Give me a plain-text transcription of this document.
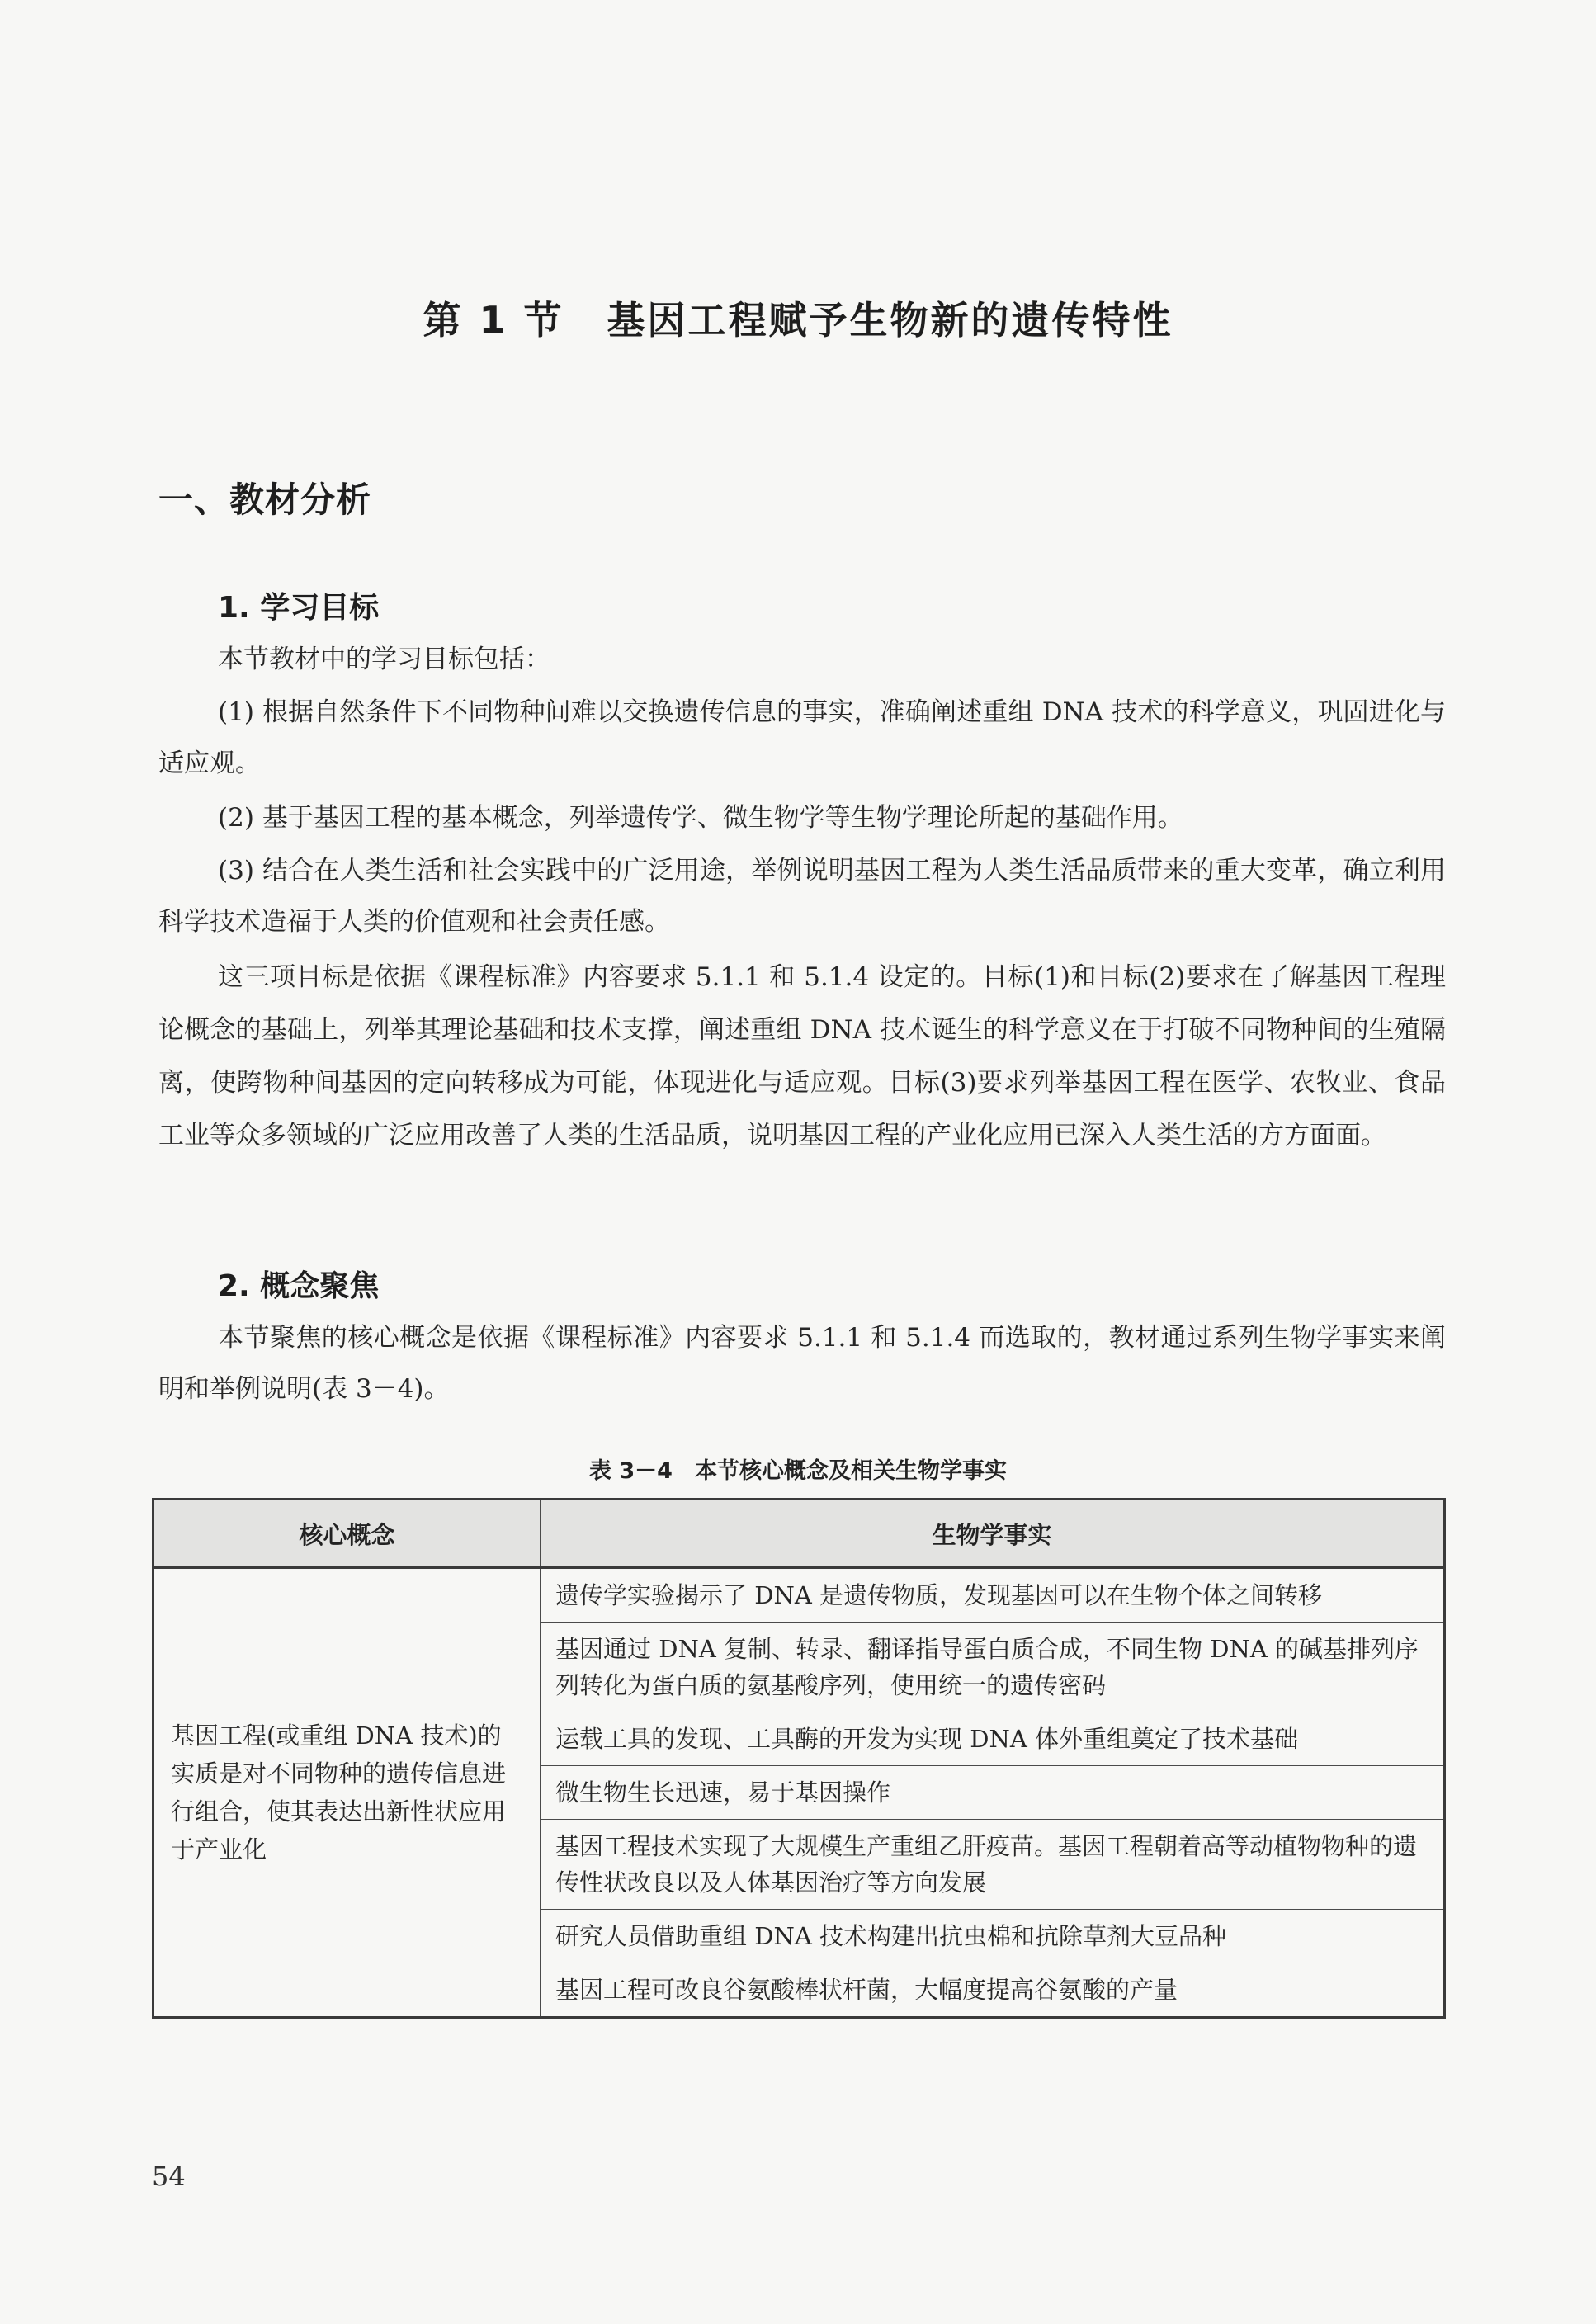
第 1 节 基因工程赋予生物新的遗传特性
一、教材分析
1. 学习目标
本节教材中的学习目标包括：
(1) 根据自然条件下不同物种间难以交换遗传信息的事实，准确阐述重组 DNA 技术的科学意义，巩固进化与适应观。
(2) 基于基因工程的基本概念，列举遗传学、微生物学等生物学理论所起的基础作用。
(3) 结合在人类生活和社会实践中的广泛用途，举例说明基因工程为人类生活品质带来的重大变革，确立利用科学技术造福于人类的价值观和社会责任感。
这三项目标是依据《课程标准》内容要求 5.1.1 和 5.1.4 设定的。目标(1)和目标(2)要求在了解基因工程理论概念的基础上，列举其理论基础和技术支撑，阐述重组 DNA 技术诞生的科学意义在于打破不同物种间的生殖隔离，使跨物种间基因的定向转移成为可能，体现进化与适应观。目标(3)要求列举基因工程在医学、农牧业、食品工业等众多领域的广泛应用改善了人类的生活品质，说明基因工程的产业化应用已深入人类生活的方方面面。
2. 概念聚焦
本节聚焦的核心概念是依据《课程标准》内容要求 5.1.1 和 5.1.4 而选取的，教材通过系列生物学事实来阐明和举例说明(表 3－4)。
表 3－4　本节核心概念及相关生物学事实
核心概念	生物学事实
基因工程(或重组 DNA 技术)的实质是对不同物种的遗传信息进行组合，使其表达出新性状应用于产业化	遗传学实验揭示了 DNA 是遗传物质，发现基因可以在生物个体之间转移
	基因通过 DNA 复制、转录、翻译指导蛋白质合成，不同生物 DNA 的碱基排列序列转化为蛋白质的氨基酸序列，使用统一的遗传密码
	运载工具的发现、工具酶的开发为实现 DNA 体外重组奠定了技术基础
	微生物生长迅速，易于基因操作
	基因工程技术实现了大规模生产重组乙肝疫苗。基因工程朝着高等动植物物种的遗传性状改良以及人体基因治疗等方向发展
	研究人员借助重组 DNA 技术构建出抗虫棉和抗除草剂大豆品种
	基因工程可改良谷氨酸棒状杆菌，大幅度提高谷氨酸的产量
54
